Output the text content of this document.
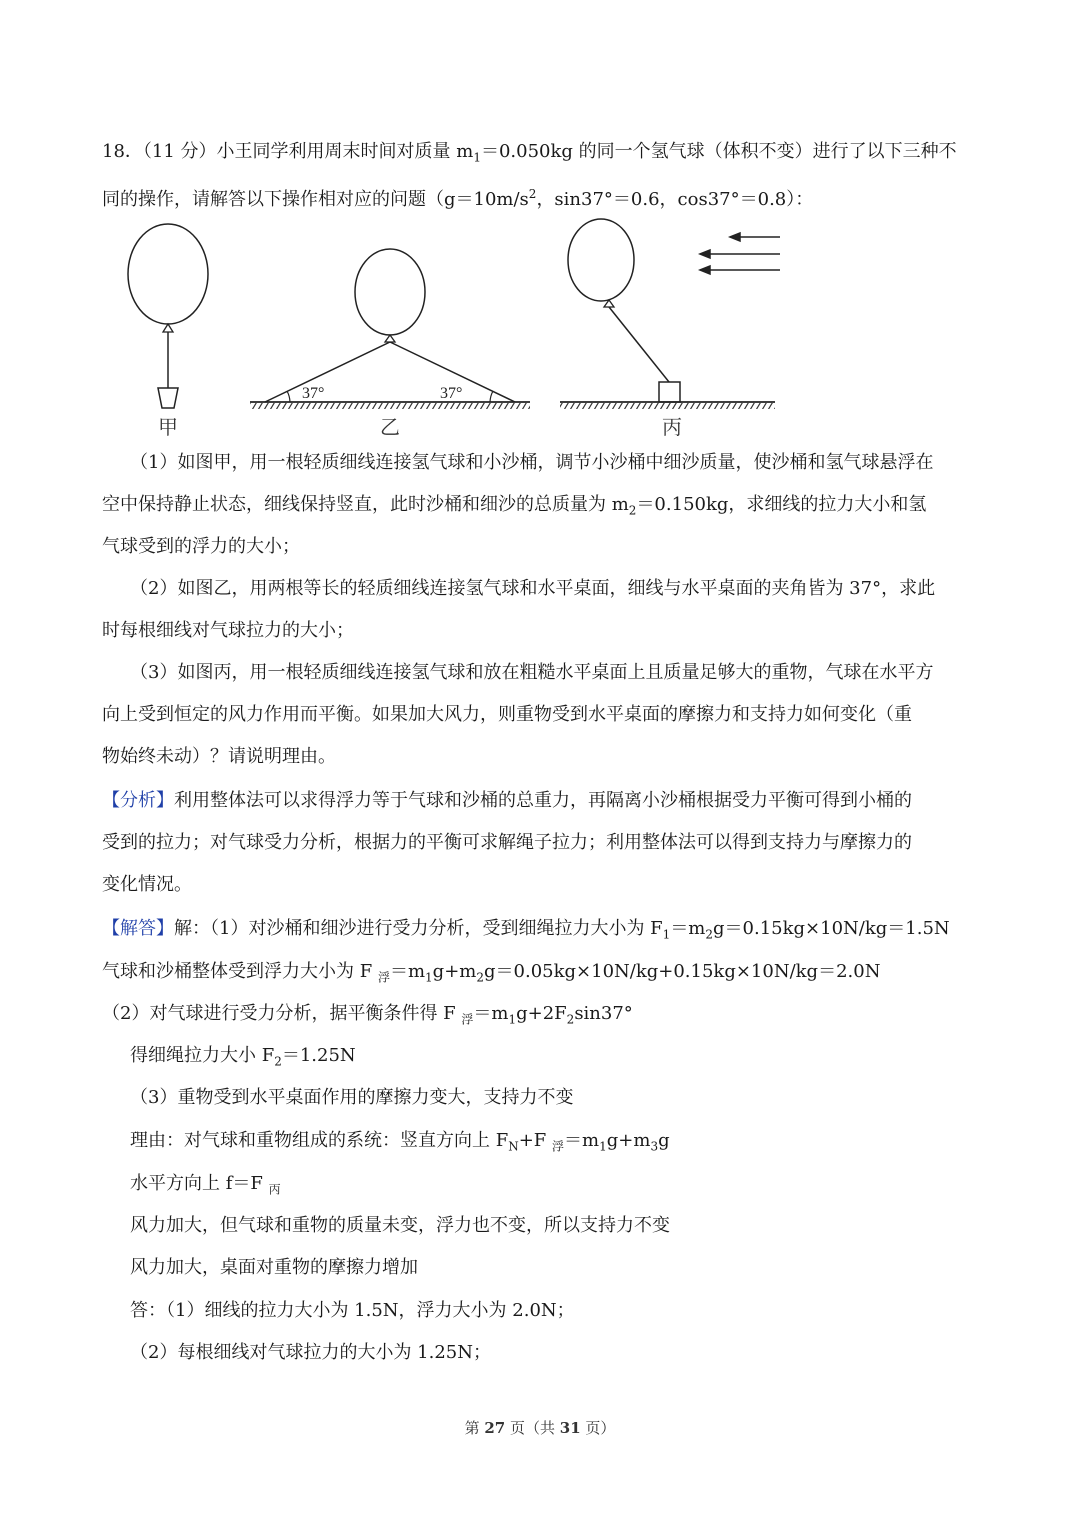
18．（11 分）小王同学利用周末时间对质量 $m_1=0.050kg$ 的同一个氢气球（体积不变）进行了以下三种不
同的操作，请解答以下操作相对应的问题（$g=10m/s^2$，sin37°＝0.6，cos37°＝0.8）：
甲
37°	37°
乙	丙
（1）如图甲，用一根轻质细线连接氢气球和小沙桶，调节小沙桶中细沙质量，使沙桶和氢气球悬浮在
空中保持静止状态，细线保持竖直，此时沙桶和细沙的总质量为 $m_2=0.150kg$，求细线的拉力大小和氢
气球受到的浮力的大小；
（2）如图乙，用两根等长的轻质细线连接氢气球和水平桌面，细线与水平桌面的夹角皆为 37°，求此
时每根细线对气球拉力的大小；
（3）如图丙，用一根轻质细线连接氢气球和放在粗糙水平桌面上且质量足够大的重物，气球在水平方
向上受到恒定的风力作用而平衡。如果加大风力，则重物受到水平桌面的摩擦力和支持力如何变化（重
物始终未动）？请说明理由。
【分析】利用整体法可以求得浮力等于气球和沙桶的总重力，再隔离小沙桶根据受力平衡可得到小桶的
受到的拉力；对气球受力分析，根据力的平衡可求解绳子拉力；利用整体法可以得到支持力与摩擦力的
变化情况。
【解答】解：（1）对沙桶和细沙进行受力分析，受到细绳拉力大小为 $F_1=m_2g=0.15kg\times 10N/kg=1.5N$
气球和沙桶整体受到浮力大小为 F $_浮=m_1g+m_2g=0.05kg\times 10N/kg+0.15kg\times 10N/kg=2.0N$
（2）对气球进行受力分析，据平衡条件得 F $_浮=m_1g+2F_2\sin 37^\circ$
得细绳拉力大小 $F_2=1.25N$
（3）重物受到水平桌面作用的摩擦力变大，支持力不变
理由：对气球和重物组成的系统：竖直方向上 $F_N+F$ $_浮=m_1g+m_3g$
水平方向上 f＝F $_丙$
风力加大，但气球和重物的质量未变，浮力也不变，所以支持力不变
风力加大，桌面对重物的摩擦力增加
答：（1）细线的拉力大小为 1.5N，浮力大小为 2.0N；
（2）每根细线对气球拉力的大小为 1.25N；
第 27 页（共 31 页）
